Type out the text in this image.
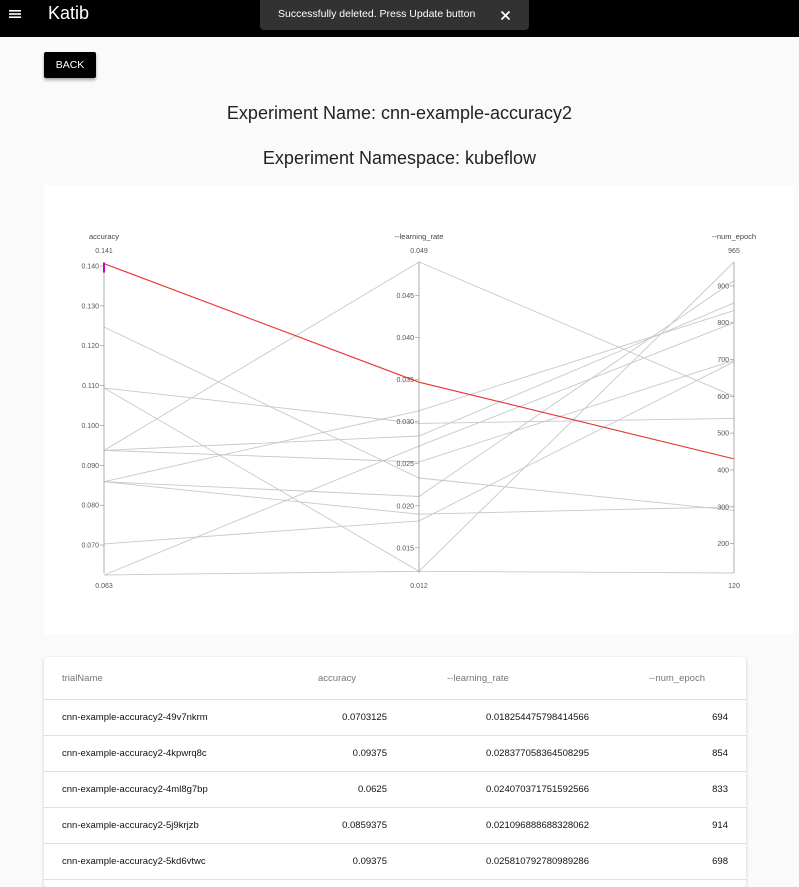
Katib	Successfully deleted. Press Update button
BACK
Experiment Name: cnn-example-accuracy2
Experiment Namespace: kubeflow
accuracy
0.141
0.063
0.140
0.130
0.120
0.110
0.100
0.090
0.080
0.070
--learning_rate
0.049
0.012
0.045
0.040
0.035
0.030
0.025
0.020
0.015
--num_epoch
965
120
900
800
700
600
500
400
300
200
trialName	accuracy	--learning_rate	--num_epoch
cnn-example-accuracy2-49v7nkrm	0.0703125	0.018254475798414566	694
cnn-example-accuracy2-4kpwrq8c	0.09375	0.028377058364508295	854
cnn-example-accuracy2-4ml8g7bp	0.0625	0.024070371751592566	833
cnn-example-accuracy2-5j9krjzb	0.0859375	0.021096888688328062	914
cnn-example-accuracy2-5kd6vtwc	0.09375	0.025810792780989286	698
